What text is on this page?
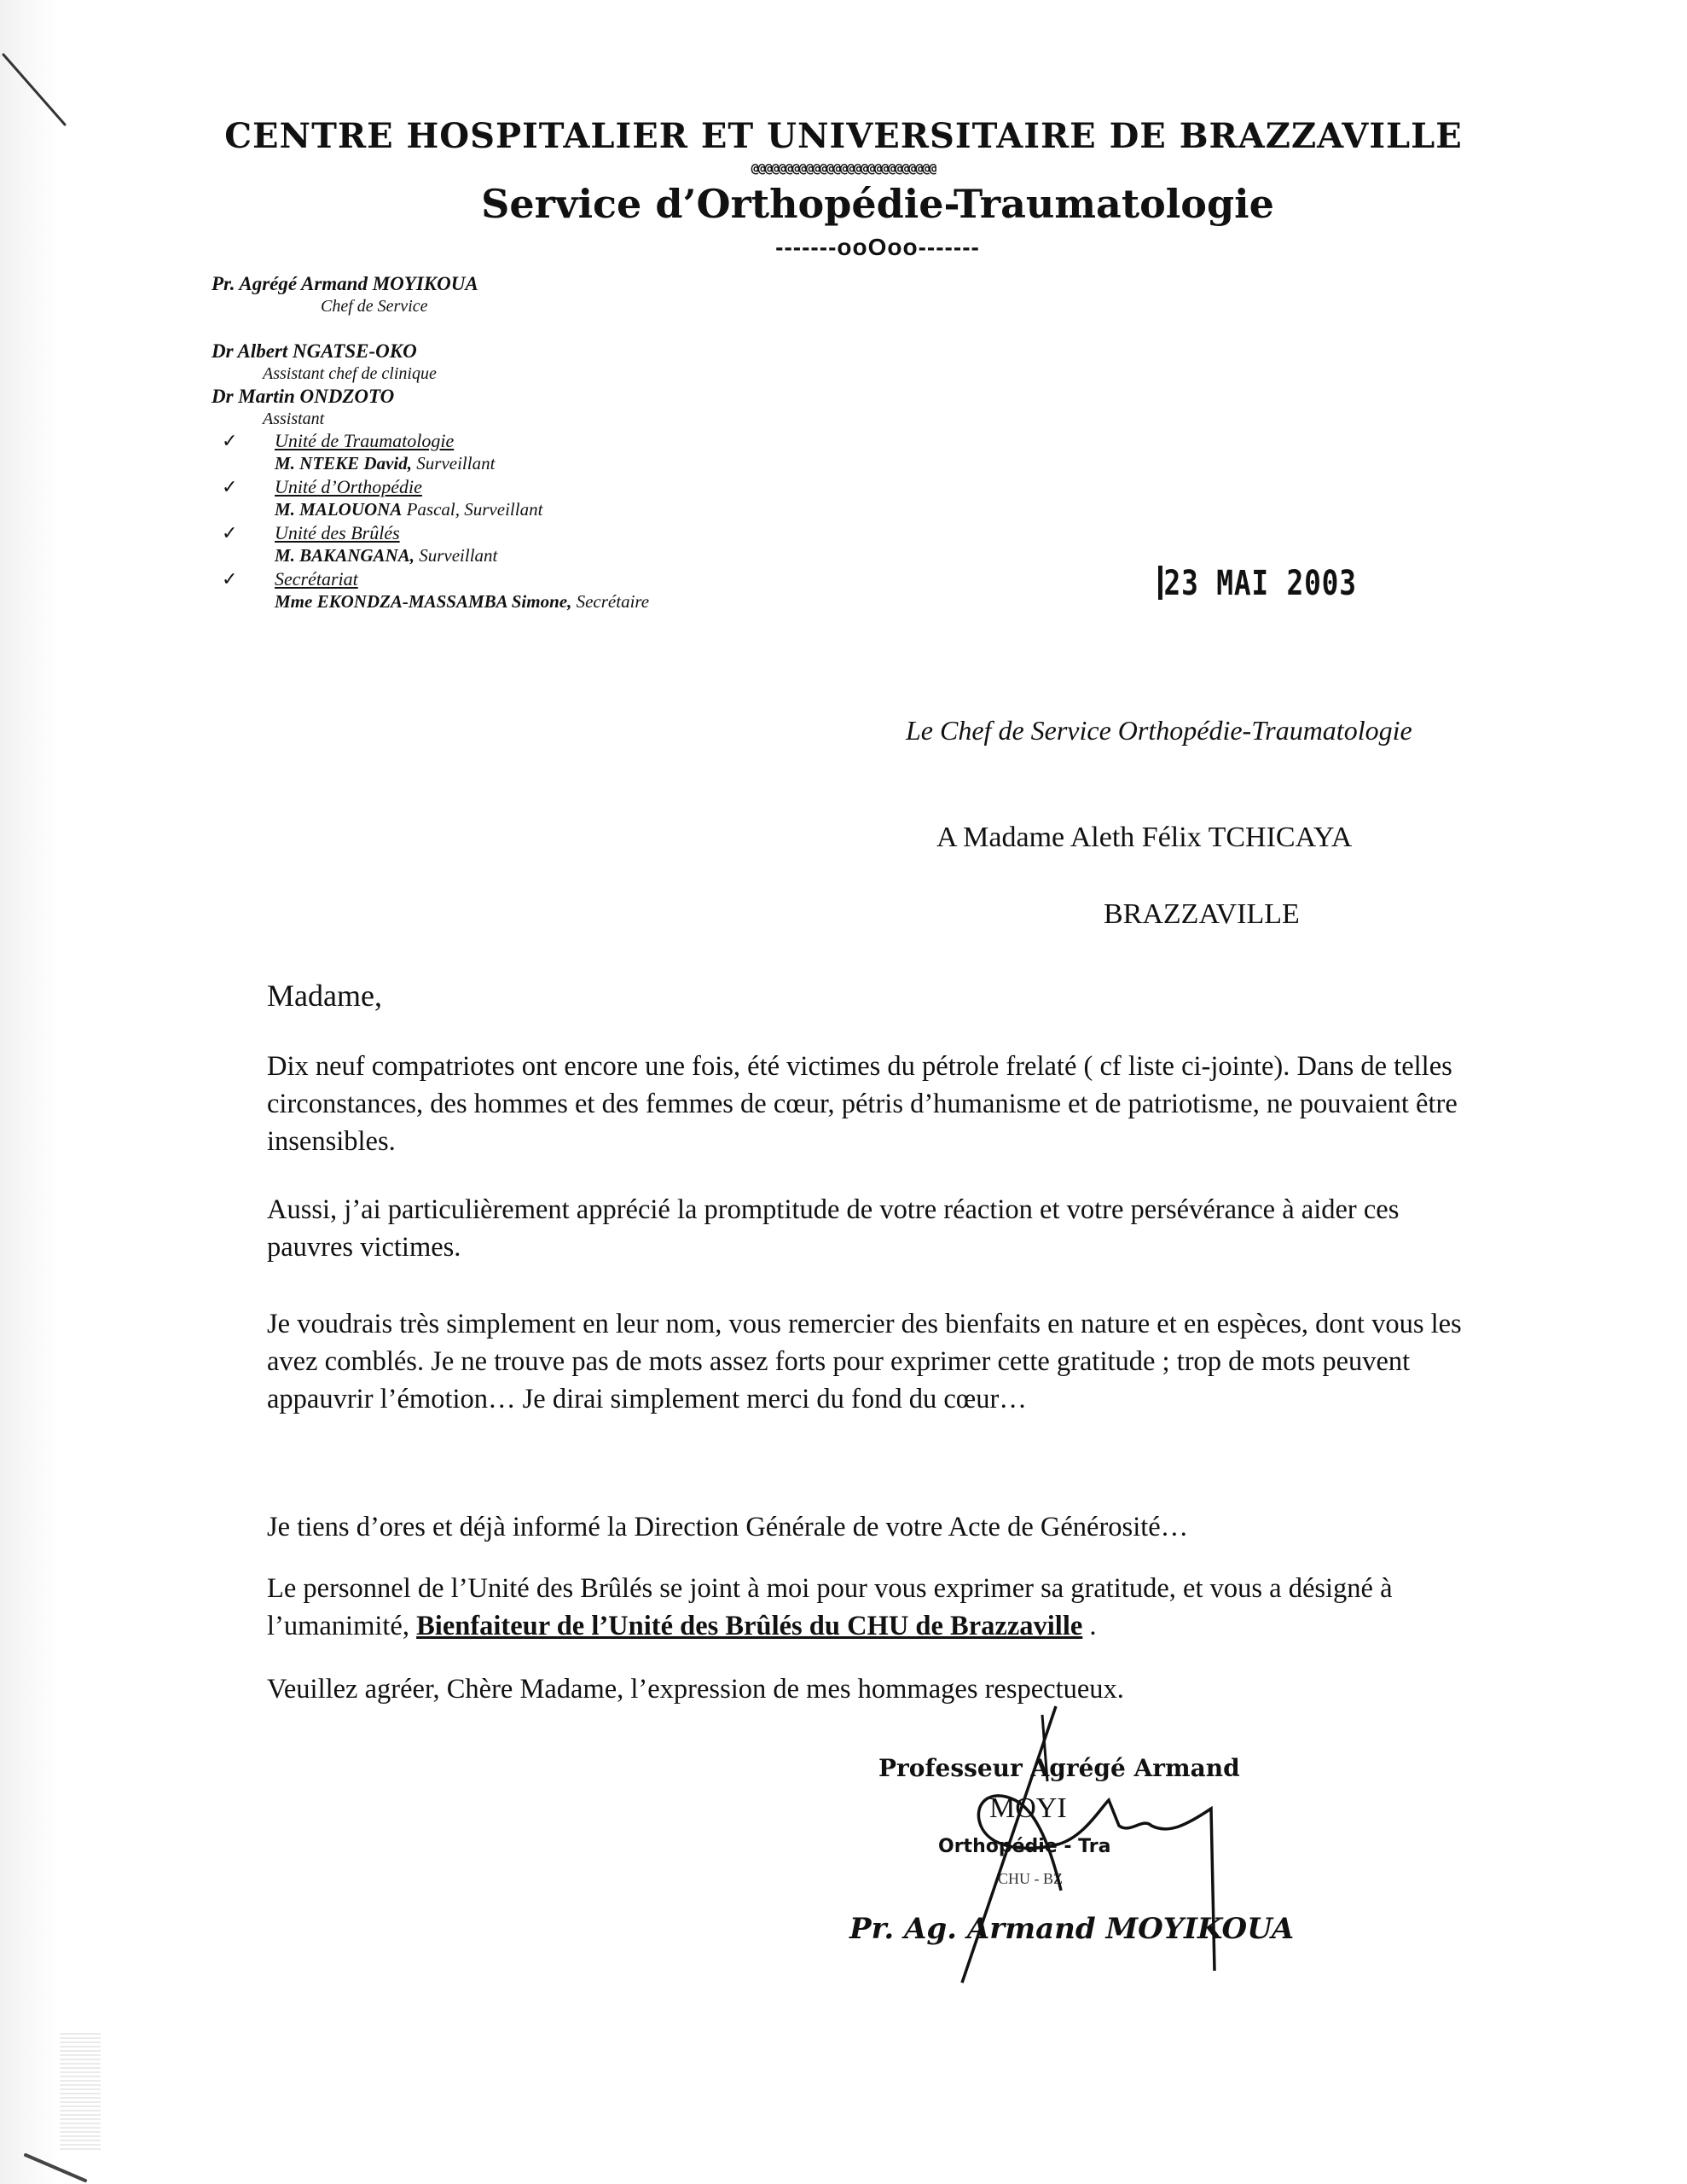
CENTRE HOSPITALIER ET UNIVERSITAIRE DE BRAZZAVILLE
@@@@@@@@@@@@@@@@@@@@@@@@@@@
Service d’Orthopédie-Traumatologie
-------ooOoo-------
Pr. Agrégé Armand MOYIKOUA
Chef de Service
Dr Albert NGATSE-OKO
Assistant chef de clinique
Dr Martin ONDZOTO
Assistant
✓	Unité de Traumatologie
M. NTEKE David, Surveillant
✓	Unité d’Orthopédie
M. MALOUONA Pascal, Surveillant
✓	Unité des Brûlés
M. BAKANGANA, Surveillant
✓	Secrétariat
Mme EKONDZA-MASSAMBA Simone, Secrétaire	23 MAI 2003
Le Chef de Service Orthopédie-Traumatologie
A Madame Aleth Félix TCHICAYA
BRAZZAVILLE
Madame,
Dix neuf compatriotes ont encore une fois, été victimes du pétrole frelaté ( cf liste ci-jointe). Dans de telles circonstances, des hommes et des femmes de cœur, pétris d’humanisme et de patriotisme, ne pouvaient être insensibles.
Aussi, j’ai particulièrement apprécié la promptitude de votre réaction et votre persévérance à aider ces pauvres victimes.
Je voudrais très simplement en leur nom, vous remercier des bienfaits en nature et en espèces, dont vous les avez comblés. Je ne trouve pas de mots assez forts pour exprimer cette gratitude ; trop de mots peuvent appauvrir l’émotion… Je dirai simplement merci du fond du cœur…
Je tiens d’ores et déjà informé la Direction Générale de votre Acte de Générosité…
Le personnel de l’Unité des Brûlés se joint à moi pour vous exprimer sa gratitude, et vous a désigné à l’umanimité, Bienfaiteur de l’Unité des Brûlés du CHU de Brazzaville .
Veuillez agréer, Chère Madame, l’expression de mes hommages respectueux.
Professeur Agrégé Armand
MOYI
Orthopédie - Tra
CHU - BZ
Pr. Ag. Armand MOYIKOUA
